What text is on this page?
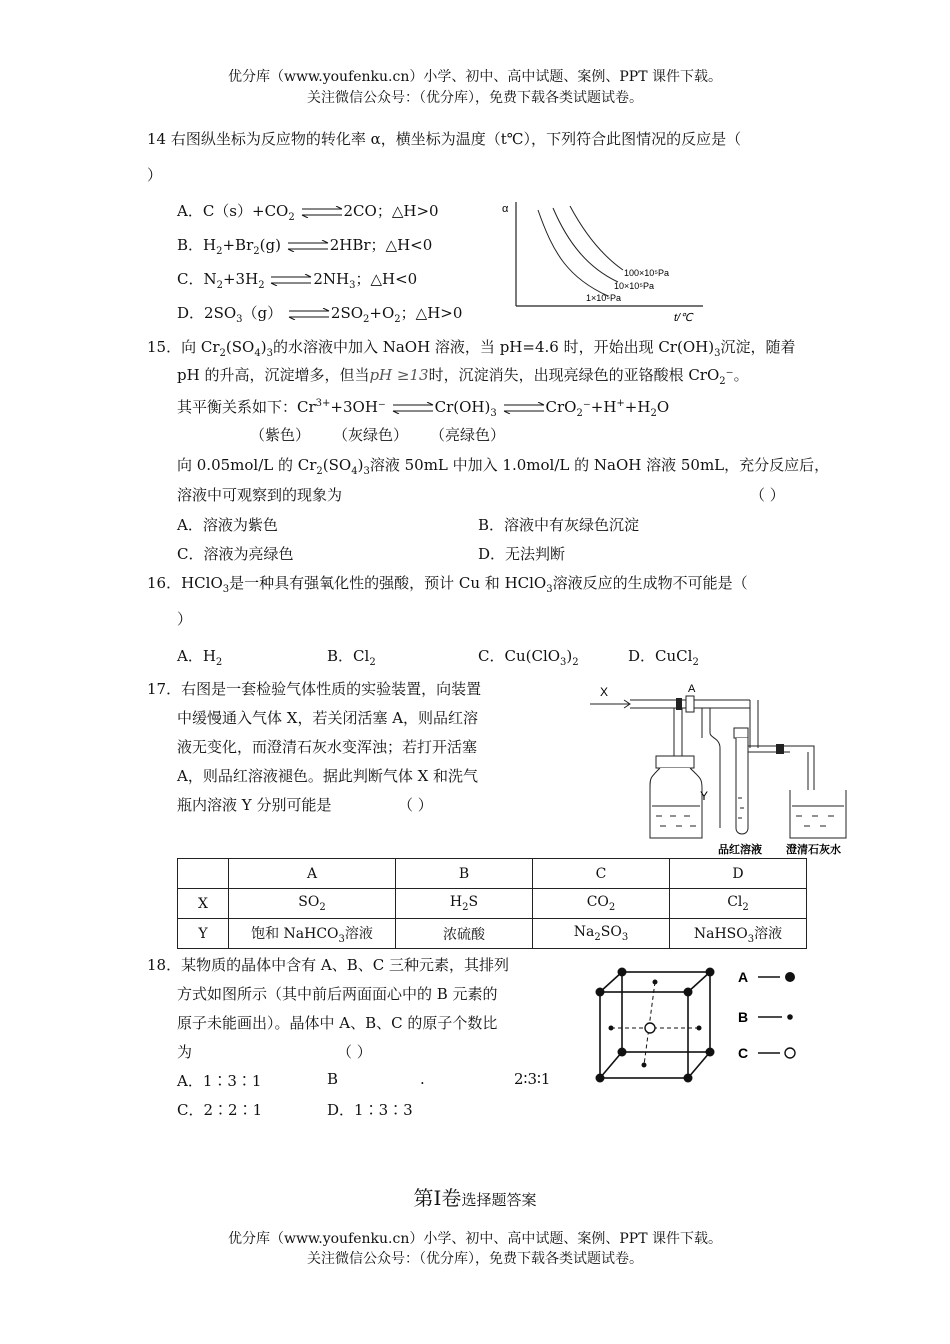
优分库（www.youfenku.cn）小学、初中、高中试题、案例、PPT 课件下载。
关注微信公众号：（优分库），免费下载各类试题试卷。
14 右图纵坐标为反应物的转化率 α，横坐标为温度（t℃），下列符合此图情况的反应是（
）
A．$C(s)+CO_2$ ⇌2CO；△H>0
B．$H_2+Br_2(g)$ ⇌2HBr；△H<0
C．$N_2+3H_2$ $\rightleftharpoons 2NH_3$；△H<0
D．$2SO_3(g)$ $\rightleftharpoons 2SO_2+O_2$；△H>0
α
t/℃
100×10⁵Pa
10×10⁵Pa
1×10⁵Pa
15．向 $Cr_2(SO_4)_3$的水溶液中加入 NaOH 溶液，当 pH=4.6 时，开始出现 $Cr(OH)_3$沉淀，随着
pH 的升高，沉淀增多，但当pH ≥13时，沉淀消失，出现亮绿色的亚铬酸根 CrO$_2$⁻。
其平衡关系如下：$Cr^{3+}+3OH^-$ $\rightleftharpoons Cr(OH)_3$ $\rightleftharpoons CrO_2^-+H^++H_2O$
（紫色） （灰绿色） （亮绿色）
向 0.05mol/L 的 $Cr_2(SO_4)_3$溶液 50mL 中加入 1.0mol/L 的 NaOH 溶液 50mL，充分反应后，
溶液中可观察到的现象为	（ ）
A．溶液为紫色	B．溶液中有灰绿色沉淀
C．溶液为亮绿色	D．无法判断
16．HClO$_3$是一种具有强氧化性的强酸，预计 Cu 和 HClO$_3$溶液反应的生成物不可能是（
）
A．$H_2$	B．$Cl_2$	C．$Cu(ClO_3)_2$	D．CuCl$_2$
17．右图是一套检验气体性质的实验装置，向装置
中缓慢通入气体 X，若关闭活塞 A，则品红溶
液无变化，而澄清石灰水变浑浊；若打开活塞
A，则品红溶液褪色。据此判断气体 X 和洗气
瓶内溶液 Y 分别可能是	（ ）
X	A
Y
品红溶液 澄清石灰水
	A	B	C	D
X	$SO_2$	$H_2S$	$CO_2$	$Cl_2$
Y	饱和 NaHCO$_3$溶液	浓硫酸	$Na_2SO_3$	NaHSO$_3$溶液
18．某物质的晶体中含有 A、B、C 三种元素，其排列
方式如图所示（其中前后两面面心中的 B 元素的
原子未能画出）。晶体中 A、B、C 的原子个数比
为	（ ）
A．1∶3∶1	B	.	2∶3∶1
C．2∶2∶1	D．1∶3∶3
A
B
C
第Ⅰ卷选择题答案
优分库（www.youfenku.cn）小学、初中、高中试题、案例、PPT 课件下载。
关注微信公众号：（优分库），免费下载各类试题试卷。
